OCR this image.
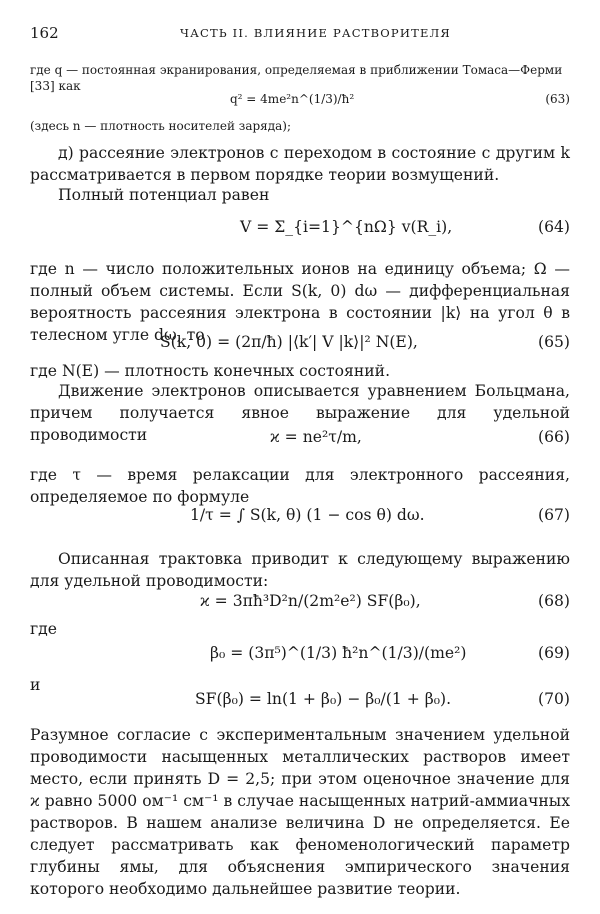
162	ЧАСТЬ II. ВЛИЯНИЕ РАСТВОРИТЕЛЯ
где q — постоянная экранирования, определяемая в приближении Томаса—Ферми [33] как
q² = 4me²n^(1/3)/ħ²	(63)
(здесь n — плотность носителей заряда);
д) рассеяние электронов с переходом в состояние с другим k рассматривается в первом порядке теории возмущений.
Полный потенциал равен
V = Σ_{i=1}^{nΩ} v(R_i),	(64)
где n — число положительных ионов на единицу объема; Ω — полный объем системы. Если S(k, 0) dω — дифференциальная вероятность рассеяния электрона в состоянии |k⟩ на угол θ в телесном угле dω, то
S(k, 0) = (2π/ħ) |⟨k′| V |k⟩|² N(E),	(65)
где N(E) — плотность конечных состояний.
Движение электронов описывается уравнением Больцмана, причем получается явное выражение для удельной проводимости	ϰ = ne²τ/m,	(66)
где τ — время релаксации для электронного рассеяния, определяемое по формуле
1/τ = ∫ S(k, θ) (1 − cos θ) dω.	(67)
Описанная трактовка приводит к следующему выражению для удельной проводимости:
ϰ = 3πħ³D²n/(2m²e²) SF(β₀),	(68)
где
β₀ = (3π⁵)^(1/3) ħ²n^(1/3)/(me²)	(69)
и
SF(β₀) = ln(1 + β₀) − β₀/(1 + β₀).	(70)
Разумное согласие с экспериментальным значением удельной проводимости насыщенных металлических растворов имеет место, если принять D = 2,5; при этом оценочное значение для ϰ равно 5000 ом⁻¹ см⁻¹ в случае насыщенных натрий-аммиачных растворов. В нашем анализе величина D не определяется. Ее следует рассматривать как феноменологический параметр глубины ямы, для объяснения эмпирического значения которого необходимо дальнейшее развитие теории.
